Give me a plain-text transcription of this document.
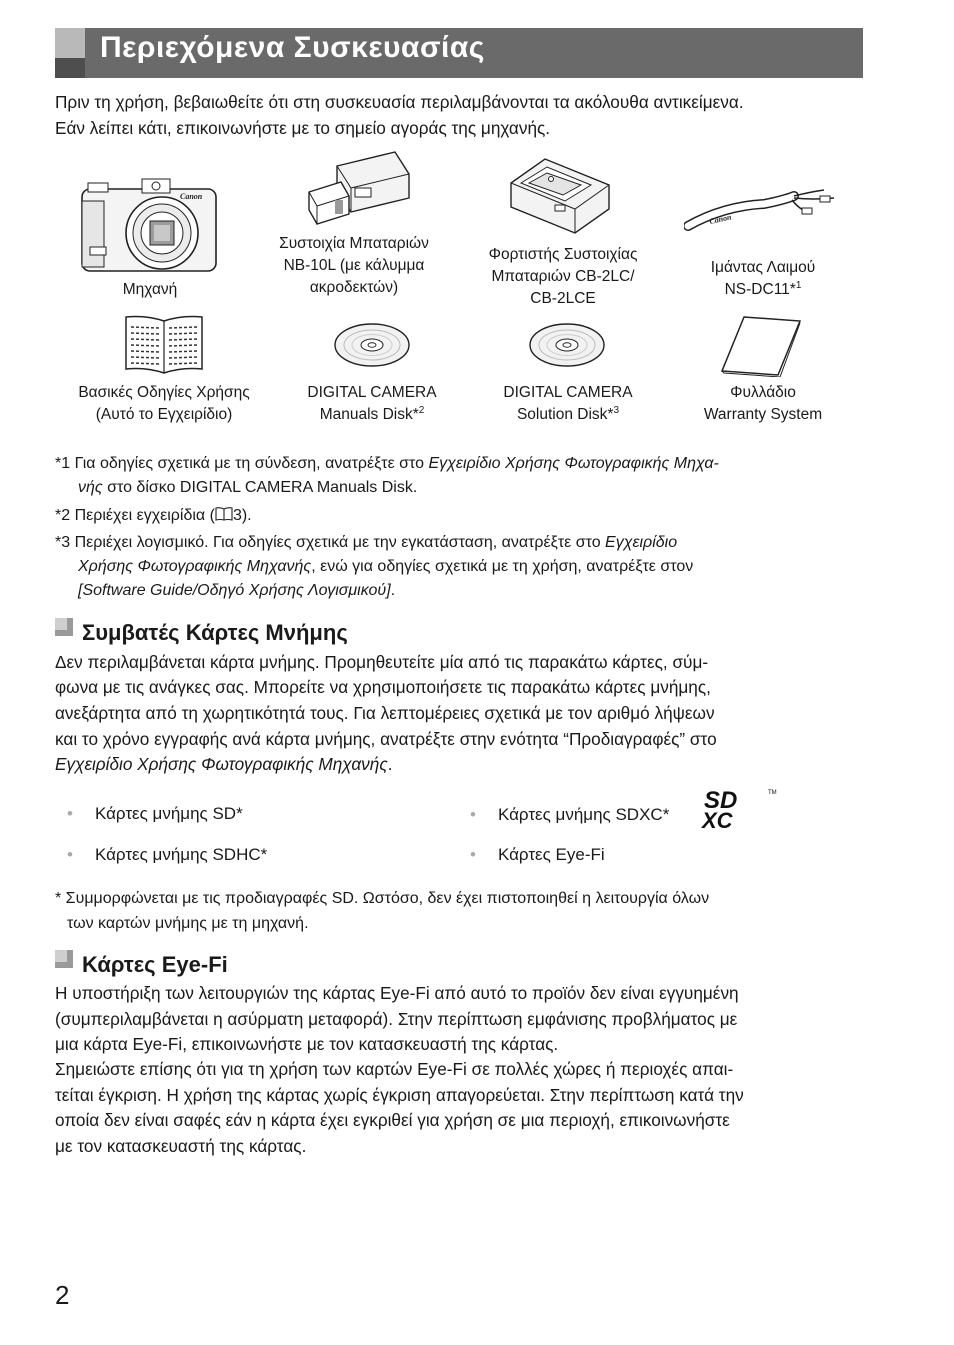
Περιεχόμενα Συσκευασίας

Πριν τη χρήση, βεβαιωθείτε ότι στη συσκευασία περιλαμβάνονται τα ακόλουθα αντικείμενα.

Εάν λείπει κάτι, επικοινωνήστε με το σημείο αγοράς της μηχανής.

Canon
Μηχανή
Συστοιχία Μπαταριών
NB-10L (με κάλυμμα
ακροδεκτών)
Φορτιστής Συστοιχίας
Μπαταριών CB-2LC/
CB-2LCE
Canon
Ιμάντας Λαιμού
NS-DC11*$^1$
Βασικές Οδηγίες Χρήσης
(Αυτό το Εγχειρίδιο)
DIGITAL CAMERA
Manuals Disk*$^2$
DIGITAL CAMERA
Solution Disk*$^3$
Φυλλάδιο
Warranty System
*1 Για οδηγίες σχετικά με τη σύνδεση, ανατρέξτε στο Εγχειρίδιο Χρήσης Φωτογραφικής Μηχα-
νής στο δίσκο DIGITAL CAMERA Manuals Disk.
*2 Περιέχει εγχειρίδια ( 3).
*3 Περιέχει λογισμικό. Για οδηγίες σχετικά με την εγκατάσταση, ανατρέξτε στο Εγχειρίδιο
Χρήσης Φωτογραφικής Μηχανής, ενώ για οδηγίες σχετικά με τη χρήση, ανατρέξτε στον
[Software Guide/Οδηγό Χρήσης Λογισμικού].
Συμβατές Κάρτες Μνήμης

Δεν περιλαμβάνεται κάρτα μνήμης. Προμηθευτείτε μία από τις παρακάτω κάρτες, σύμ-

φωνα με τις ανάγκες σας. Μπορείτε να χρησιμοποιήσετε τις παρακάτω κάρτες μνήμης,

ανεξάρτητα από τη χωρητικότητά τους. Για λεπτομέρειες σχετικά με τον αριθμό λήψεων

και το χρόνο εγγραφής ανά κάρτα μνήμης, ανατρέξτε στην ενότητα “Προδιαγραφές” στο

Εγχειρίδιο Χρήσης Φωτογραφικής Μηχανής.

• Κάρτες μνήμης SD*	• Κάρτες μνήμης SDXC*
SD
XC
TM
• Κάρτες μνήμης SDHC*	• Κάρτες Eye-Fi
* Συμμορφώνεται με τις προδιαγραφές SD. Ωστόσο, δεν έχει πιστοποιηθεί η λειτουργία όλων
των καρτών μνήμης με τη μηχανή.
Κάρτες Eye-Fi

Η υποστήριξη των λειτουργιών της κάρτας Eye-Fi από αυτό το προϊόν δεν είναι εγγυημένη

(συμπεριλαμβάνεται η ασύρματη μεταφορά). Στην περίπτωση εμφάνισης προβλήματος με

μια κάρτα Eye-Fi, επικοινωνήστε με τον κατασκευαστή της κάρτας.

Σημειώστε επίσης ότι για τη χρήση των καρτών Eye-Fi σε πολλές χώρες ή περιοχές απαι-

τείται έγκριση. Η χρήση της κάρτας χωρίς έγκριση απαγορεύεται. Στην περίπτωση κατά την

οποία δεν είναι σαφές εάν η κάρτα έχει εγκριθεί για χρήση σε μια περιοχή, επικοινωνήστε

με τον κατασκευαστή της κάρτας.

2
